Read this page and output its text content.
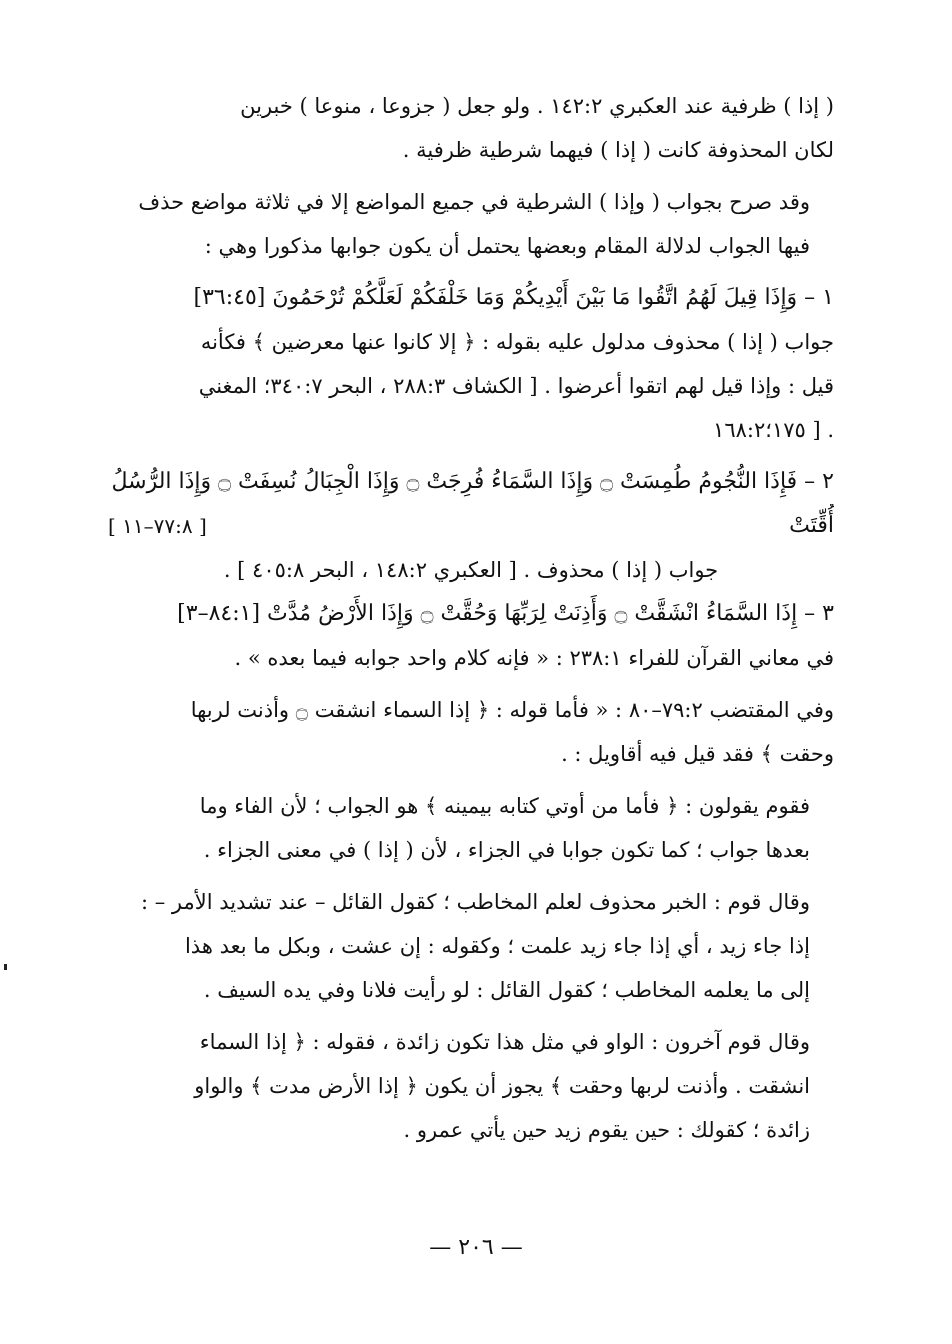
( إذا ) ظرفية عند العكبري ١٤٢:٢ . ولو جعل ( جزوعا ، منوعا ) خبرين
لكان المحذوفة كانت ( إذا ) فيهما شرطية ظرفية .
وقد صرح بجواب ( وإذا ) الشرطية في جميع المواضع إلا في ثلاثة مواضع حذف
فيها الجواب لدلالة المقام وبعضها يحتمل أن يكون جوابها مذكورا وهي :
١ – وَإِذَا قِيلَ لَهُمُ اتَّقُوا مَا بَيْنَ أَيْدِيكُمْ وَمَا خَلْفَكُمْ لَعَلَّكُمْ تُرْحَمُونَ [٣٦:٤٥]
جواب ( إذا ) محذوف مدلول عليه بقوله : ﴿ إلا كانوا عنها معرضين ﴾ فكأنه
قيل : وإذا قيل لهم اتقوا أعرضوا . [ الكشاف ٢٨٨:٣ ، البحر ٣٤٠:٧؛ المغني
. [ ١٧٥؛١٦٨:٢
٢ – فَإِذَا النُّجُومُ طُمِسَتْ ۝ وَإِذَا السَّمَاءُ فُرِجَتْ ۝ وَإِذَا الْجِبَالُ نُسِفَتْ ۝ وَإِذَا الرُّسُلُ
أُقِّتَتْ
[ ٧٧:٨–١١ ]
جواب ( إذا ) محذوف . [ العكبري ١٤٨:٢ ، البحر ٤٠٥:٨ ] .
٣ – إِذَا السَّمَاءُ انْشَقَّتْ ۝ وَأَذِنَتْ لِرَبِّهَا وَحُقَّتْ ۝ وَإِذَا الأَرْضُ مُدَّتْ [٨٤:١–٣]
في معاني القرآن للفراء ٢٣٨:١ : « فإنه كلام واحد جوابه فيما بعده » .
وفي المقتضب ٧٩:٢–٨٠ : « فأما قوله : ﴿ إذا السماء انشقت ۝ وأذنت لربها
وحقت ﴾ فقد قيل فيه أقاويل : .
فقوم يقولون : ﴿ فأما من أوتي كتابه بيمينه ﴾ هو الجواب ؛ لأن الفاء وما
بعدها جواب ؛ كما تكون جوابا في الجزاء ، لأن ( إذا ) في معنى الجزاء .
وقال قوم : الخبر محذوف لعلم المخاطب ؛ كقول القائل – عند تشديد الأمر – :
إذا جاء زيد ، أي إذا جاء زيد علمت ؛ وكقوله : إن عشت ، وبكل ما بعد هذا
إلى ما يعلمه المخاطب ؛ كقول القائل : لو رأيت فلانا وفي يده السيف .
وقال قوم آخرون : الواو في مثل هذا تكون زائدة ، فقوله : ﴿ إذا السماء
انشقت . وأذنت لربها وحقت ﴾ يجوز أن يكون ﴿ إذا الأرض مدت ﴾ والواو
زائدة ؛ كقولك : حين يقوم زيد حين يأتي عمرو .
— ٢٠٦ —
